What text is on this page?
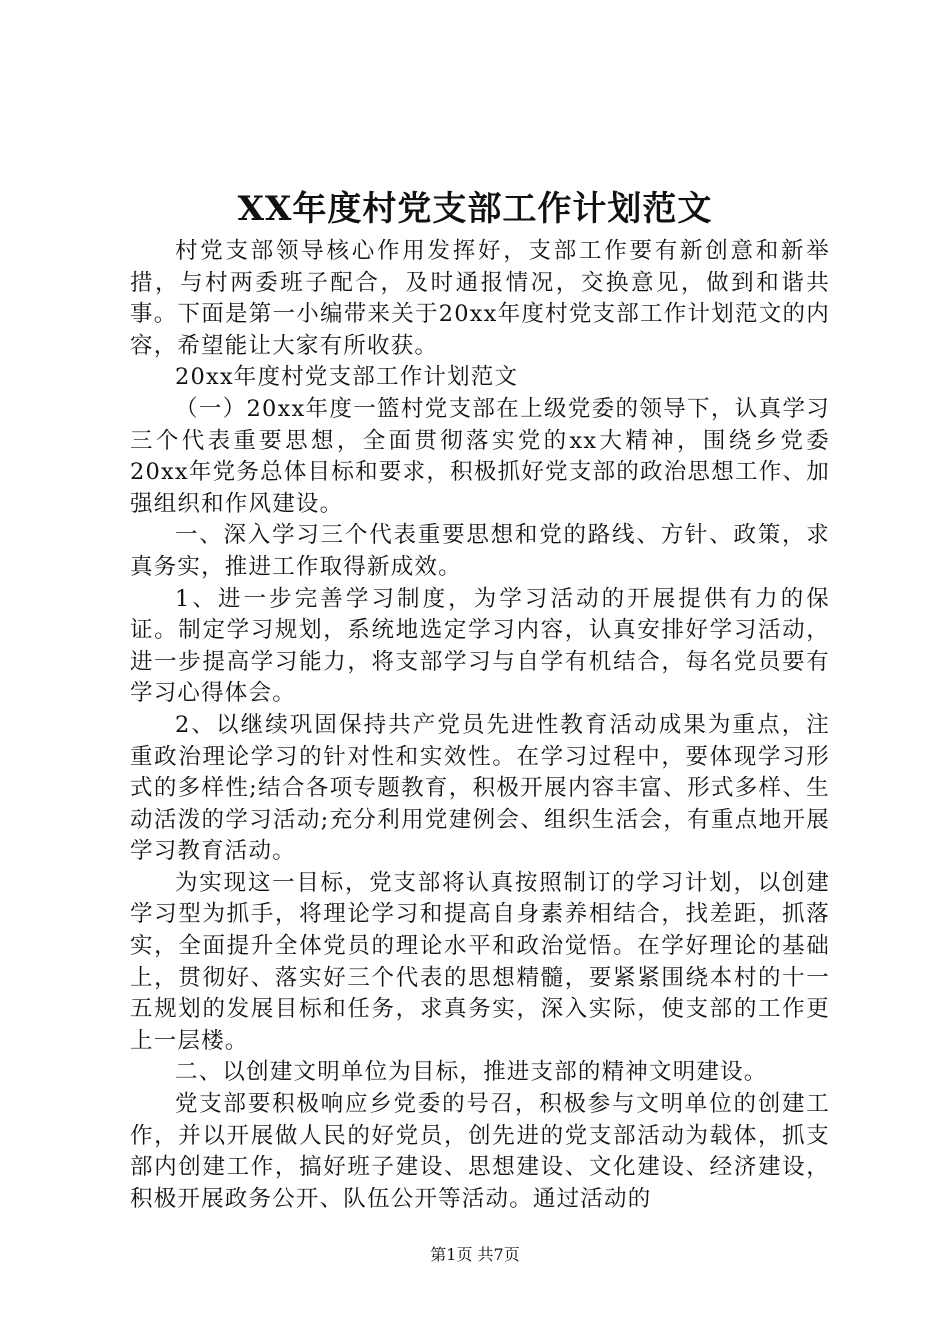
XX年度村党支部工作计划范文

村党支部领导核心作用发挥好，支部工作要有新创意和新举措，与村两委班子配合，及时通报情况，交换意见，做到和谐共事。下面是第一小编带来关于20xx年度村党支部工作计划范文的内容，希望能让大家有所收获。

20xx年度村党支部工作计划范文

（一）20xx年度一篮村党支部在上级党委的领导下，认真学习三个代表重要思想，全面贯彻落实党的xx大精神，围绕乡党委20xx年党务总体目标和要求，积极抓好党支部的政治思想工作、加强组织和作风建设。

一、深入学习三个代表重要思想和党的路线、方针、政策，求真务实，推进工作取得新成效。

1、进一步完善学习制度，为学习活动的开展提供有力的保证。制定学习规划，系统地选定学习内容，认真安排好学习活动，进一步提高学习能力，将支部学习与自学有机结合，每名党员要有学习心得体会。

2、以继续巩固保持共产党员先进性教育活动成果为重点，注重政治理论学习的针对性和实效性。在学习过程中，要体现学习形式的多样性;结合各项专题教育，积极开展内容丰富、形式多样、生动活泼的学习活动;充分利用党建例会、组织生活会，有重点地开展学习教育活动。

为实现这一目标，党支部将认真按照制订的学习计划，以创建学习型为抓手，将理论学习和提高自身素养相结合，找差距，抓落实，全面提升全体党员的理论水平和政治觉悟。在学好理论的基础上，贯彻好、落实好三个代表的思想精髓，要紧紧围绕本村的十一五规划的发展目标和任务，求真务实，深入实际，使支部的工作更上一层楼。

二、以创建文明单位为目标，推进支部的精神文明建设。

党支部要积极响应乡党委的号召，积极参与文明单位的创建工作，并以开展做人民的好党员，创先进的党支部活动为载体，抓支部内创建工作，搞好班子建设、思想建设、文化建设、经济建设，积极开展政务公开、队伍公开等活动。通过活动的

第1页 共7页
